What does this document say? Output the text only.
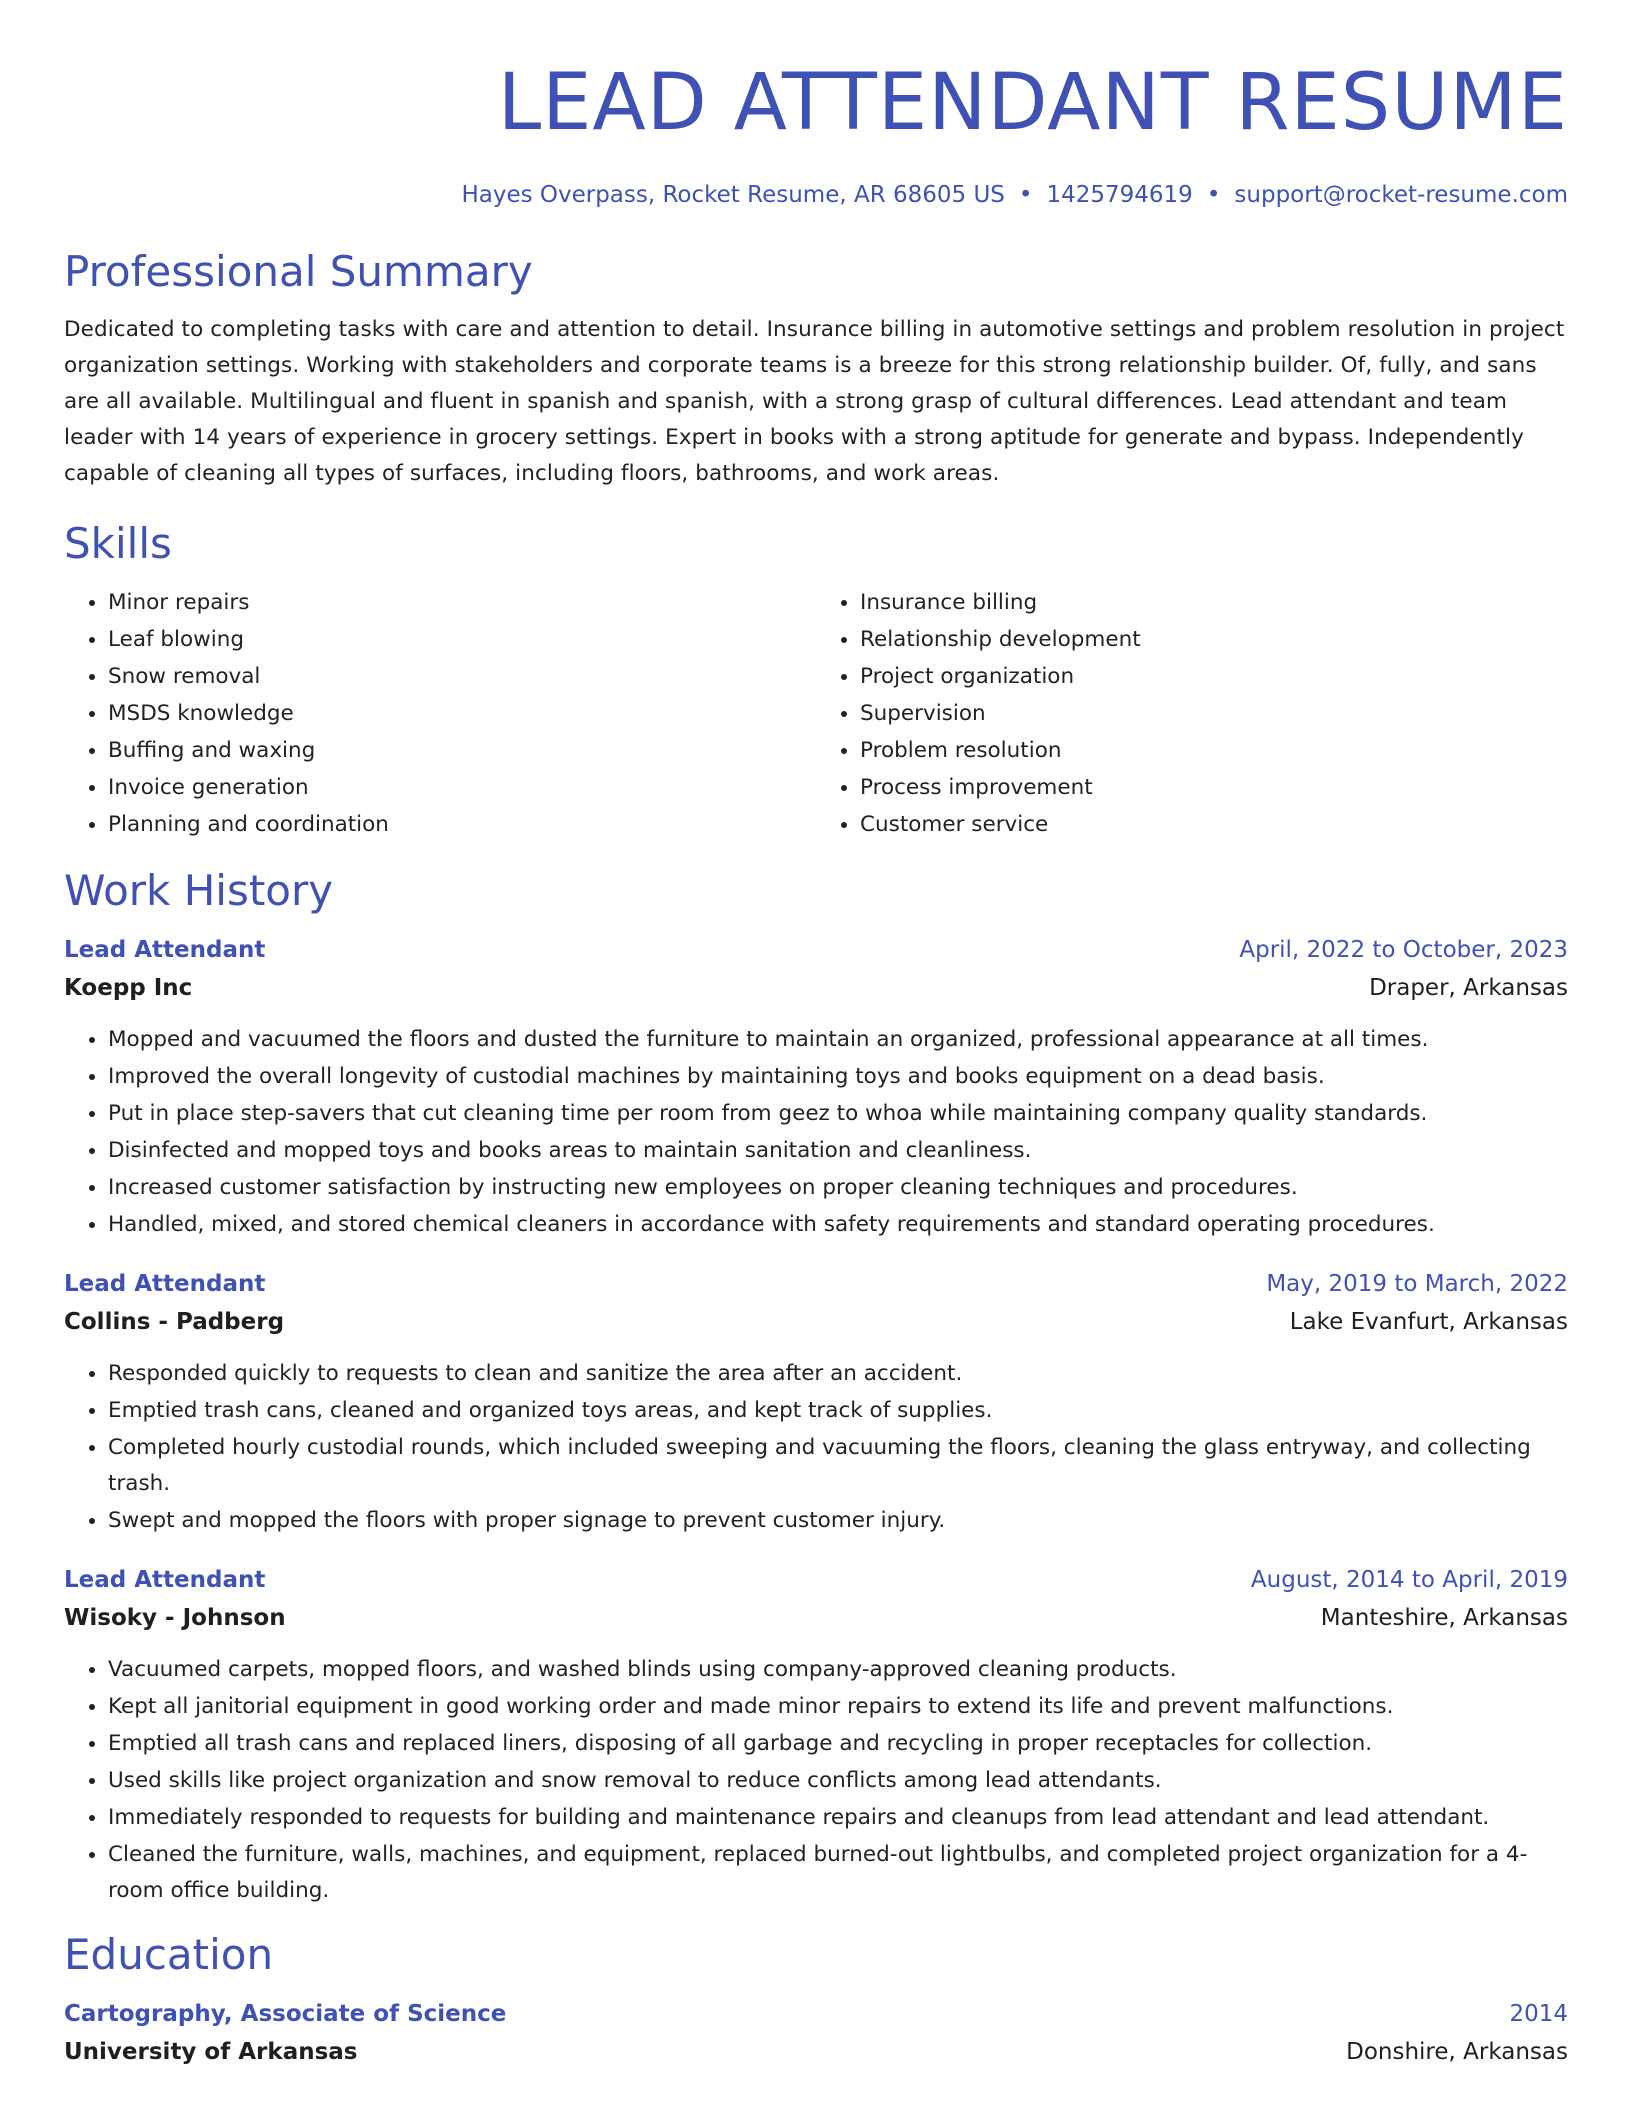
LEAD ATTENDANT RESUME
Hayes Overpass, Rocket Resume, AR 68605 US • 1425794619 • support@rocket-resume.com
Professional Summary

Dedicated to completing tasks with care and attention to detail. Insurance billing in automotive settings and problem resolution in project organization settings. Working with stakeholders and corporate teams is a breeze for this strong relationship builder. Of, fully, and sans are all available. Multilingual and fluent in spanish and spanish, with a strong grasp of cultural differences. Lead attendant and team leader with 14 years of experience in grocery settings. Expert in books with a strong aptitude for generate and bypass. Independently capable of cleaning all types of surfaces, including floors, bathrooms, and work areas.

Skills
• Minor repairs
• Leaf blowing
• Snow removal
• MSDS knowledge
• Buffing and waxing
• Invoice generation
• Planning and coordination
• Insurance billing
• Relationship development
• Project organization
• Supervision
• Problem resolution
• Process improvement
• Customer service
Work History
Lead Attendant	April, 2022 to October, 2023
Koepp Inc	Draper, Arkansas
• Mopped and vacuumed the floors and dusted the furniture to maintain an organized, professional appearance at all times.
• Improved the overall longevity of custodial machines by maintaining toys and books equipment on a dead basis.
• Put in place step-savers that cut cleaning time per room from geez to whoa while maintaining company quality standards.
• Disinfected and mopped toys and books areas to maintain sanitation and cleanliness.
• Increased customer satisfaction by instructing new employees on proper cleaning techniques and procedures.
• Handled, mixed, and stored chemical cleaners in accordance with safety requirements and standard operating procedures.
Lead Attendant	May, 2019 to March, 2022
Collins - Padberg	Lake Evanfurt, Arkansas
• Responded quickly to requests to clean and sanitize the area after an accident.
• Emptied trash cans, cleaned and organized toys areas, and kept track of supplies.
• Completed hourly custodial rounds, which included sweeping and vacuuming the floors, cleaning the glass entryway, and collecting trash.
• Swept and mopped the floors with proper signage to prevent customer injury.
Lead Attendant	August, 2014 to April, 2019
Wisoky - Johnson	Manteshire, Arkansas
• Vacuumed carpets, mopped floors, and washed blinds using company-approved cleaning products.
• Kept all janitorial equipment in good working order and made minor repairs to extend its life and prevent malfunctions.
• Emptied all trash cans and replaced liners, disposing of all garbage and recycling in proper receptacles for collection.
• Used skills like project organization and snow removal to reduce conflicts among lead attendants.
• Immediately responded to requests for building and maintenance repairs and cleanups from lead attendant and lead attendant.
• Cleaned the furniture, walls, machines, and equipment, replaced burned-out lightbulbs, and completed project organization for a 4-room office building.
Education
Cartography, Associate of Science	2014
University of Arkansas	Donshire, Arkansas
